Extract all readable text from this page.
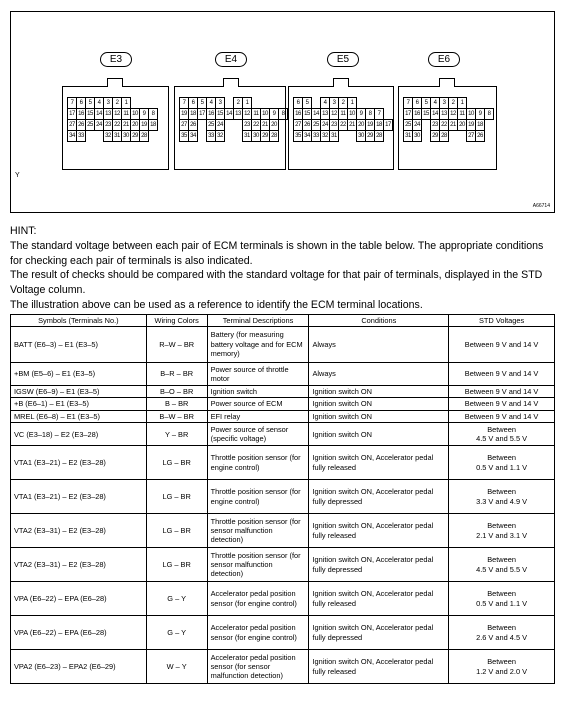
E3	E4	E5	E6
7	6	5	4	3	2	1
17 16 15 14 13 12 11 10 9	8
27 26 25 24 23 22 21 20 19 18
34 33	32 31 30 29 28
7	6	5	4	3	2	1
19 18 17 16 15 14 13 12 11 10 9	8
27 26	25 24	23 22 21 20
35 34	33 32	31 30 29 28
6	5	4	3	2	1
16 15 14 13 12 11 10 9	8	7
27 26 25 24 23 22 21 20 19 18 17
35 34 33 32 31	30 29 28
7	6	5	4	3	2	1
17 16 15 14 13 12 11 10 9	8
25 24	23 22 21 20 19 18
31 30	29 28	27 26
Y
A66714

HINT:

The standard voltage between each pair of ECM terminals is shown in the table below. The appropriate conditions for checking each pair of terminals is also indicated.

The result of checks should be compared with the standard voltage for that pair of terminals, displayed in the STD Voltage column.

The illustration above can be used as a reference to identify the ECM terminal locations.

Symbols (Terminals No.)	Wiring Colors	Terminal Descriptions	Conditions	STD Voltages
BATT (E6–3) – E1 (E3–5)	R–W – BR	Battery (for measuring battery voltage and for ECM memory)	Always	Between 9 V and 14 V
+BM (E5–6) – E1 (E3–5)	B–R – BR	Power source of throttle motor	Always	Between 9 V and 14 V
IGSW (E6–9) – E1 (E3–5)	B–O – BR	Ignition switch	Ignition switch ON	Between 9 V and 14 V
+B (E6–1) – E1 (E3–5)	B – BR	Power source of ECM	Ignition switch ON	Between 9 V and 14 V
MREL (E6–8) – E1 (E3–5)	B–W – BR	EFI relay	Ignition switch ON	Between 9 V and 14 V
VC (E3–18) – E2 (E3–28)	Y – BR	Power source of sensor (specific voltage)	Ignition switch ON	Between
4.5 V and 5.5 V
VTA1 (E3–21) – E2 (E3–28)	LG – BR	Throttle position sensor (for engine control)	Ignition switch ON, Accelerator pedal fully released	Between
0.5 V and 1.1 V
VTA1 (E3–21) – E2 (E3–28)	LG – BR	Throttle position sensor (for engine control)	Ignition switch ON, Accelerator pedal fully depressed	Between
3.3 V and 4.9 V
VTA2 (E3–31) – E2 (E3–28)	LG – BR	Throttle position sensor (for sensor malfunction detection)	Ignition switch ON, Accelerator pedal fully released	Between
2.1 V and 3.1 V
VTA2 (E3–31) – E2 (E3–28)	LG – BR	Throttle position sensor (for sensor malfunction detection)	Ignition switch ON, Accelerator pedal fully depressed	Between
4.5 V and 5.5 V
VPA (E6–22) – EPA (E6–28)	G – Y	Accelerator pedal position sensor (for engine control)	Ignition switch ON, Accelerator pedal fully released	Between
0.5 V and 1.1 V
VPA (E6–22) – EPA (E6–28)	G – Y	Accelerator pedal position sensor (for engine control)	Ignition switch ON, Accelerator pedal fully depressed	Between
2.6 V and 4.5 V
VPA2 (E6–23) – EPA2 (E6–29)	W – Y	Accelerator pedal position sensor (for sensor malfunction detection)	Ignition switch ON, Accelerator pedal fully released	Between
1.2 V and 2.0 V
